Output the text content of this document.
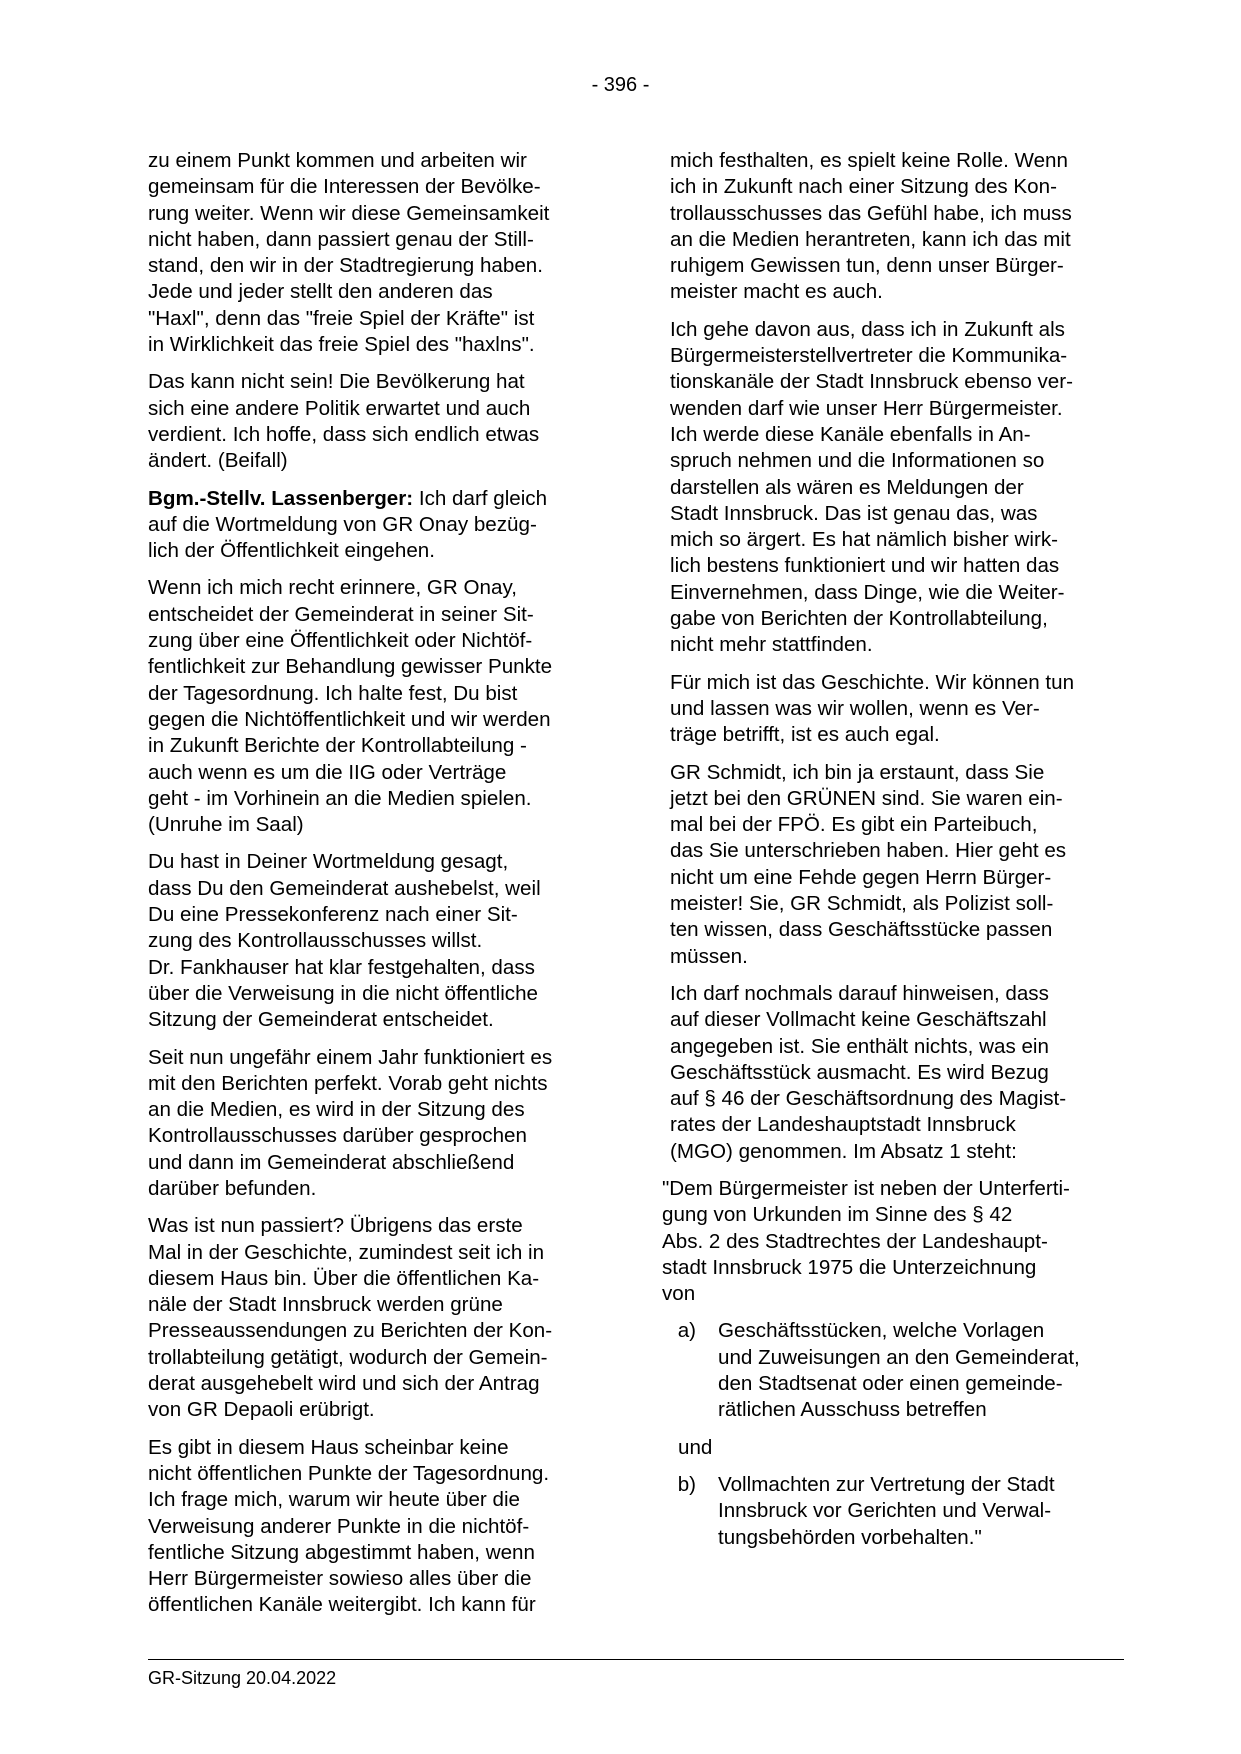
- 396 -

zu einem Punkt kommen und arbeiten wir
gemeinsam für die Interessen der Bevölke-
rung weiter. Wenn wir diese Gemeinsamkeit
nicht haben, dann passiert genau der Still-
stand, den wir in der Stadtregierung haben.
Jede und jeder stellt den anderen das
"Haxl", denn das "freie Spiel der Kräfte" ist
in Wirklichkeit das freie Spiel des "haxlns".

Das kann nicht sein! Die Bevölkerung hat
sich eine andere Politik erwartet und auch
verdient. Ich hoffe, dass sich endlich etwas
ändert. (Beifall)

Bgm.-Stellv. Lassenberger: Ich darf gleich
auf die Wortmeldung von GR Onay bezüg-
lich der Öffentlichkeit eingehen.

Wenn ich mich recht erinnere, GR Onay,
entscheidet der Gemeinderat in seiner Sit-
zung über eine Öffentlichkeit oder Nichtöf-
fentlichkeit zur Behandlung gewisser Punkte
der Tagesordnung. Ich halte fest, Du bist
gegen die Nichtöffentlichkeit und wir werden
in Zukunft Berichte der Kontrollabteilung -
auch wenn es um die IIG oder Verträge
geht - im Vorhinein an die Medien spielen.
(Unruhe im Saal)

Du hast in Deiner Wortmeldung gesagt,
dass Du den Gemeinderat aushebelst, weil
Du eine Pressekonferenz nach einer Sit-
zung des Kontrollausschusses willst.
Dr. Fankhauser hat klar festgehalten, dass
über die Verweisung in die nicht öffentliche
Sitzung der Gemeinderat entscheidet.

Seit nun ungefähr einem Jahr funktioniert es
mit den Berichten perfekt. Vorab geht nichts
an die Medien, es wird in der Sitzung des
Kontrollausschusses darüber gesprochen
und dann im Gemeinderat abschließend
darüber befunden.

Was ist nun passiert? Übrigens das erste
Mal in der Geschichte, zumindest seit ich in
diesem Haus bin. Über die öffentlichen Ka-
näle der Stadt Innsbruck werden grüne
Presseaussendungen zu Berichten der Kon-
trollabteilung getätigt, wodurch der Gemein-
derat ausgehebelt wird und sich der Antrag
von GR Depaoli erübrigt.

Es gibt in diesem Haus scheinbar keine
nicht öffentlichen Punkte der Tagesordnung.
Ich frage mich, warum wir heute über die
Verweisung anderer Punkte in die nichtöf-
fentliche Sitzung abgestimmt haben, wenn
Herr Bürgermeister sowieso alles über die
öffentlichen Kanäle weitergibt. Ich kann für

mich festhalten, es spielt keine Rolle. Wenn
ich in Zukunft nach einer Sitzung des Kon-
trollausschusses das Gefühl habe, ich muss
an die Medien herantreten, kann ich das mit
ruhigem Gewissen tun, denn unser Bürger-
meister macht es auch.

Ich gehe davon aus, dass ich in Zukunft als
Bürgermeisterstellvertreter die Kommunika-
tionskanäle der Stadt Innsbruck ebenso ver-
wenden darf wie unser Herr Bürgermeister.
Ich werde diese Kanäle ebenfalls in An-
spruch nehmen und die Informationen so
darstellen als wären es Meldungen der
Stadt Innsbruck. Das ist genau das, was
mich so ärgert. Es hat nämlich bisher wirk-
lich bestens funktioniert und wir hatten das
Einvernehmen, dass Dinge, wie die Weiter-
gabe von Berichten der Kontrollabteilung,
nicht mehr stattfinden.

Für mich ist das Geschichte. Wir können tun
und lassen was wir wollen, wenn es Ver-
träge betrifft, ist es auch egal.

GR Schmidt, ich bin ja erstaunt, dass Sie
jetzt bei den GRÜNEN sind. Sie waren ein-
mal bei der FPÖ. Es gibt ein Parteibuch,
das Sie unterschrieben haben. Hier geht es
nicht um eine Fehde gegen Herrn Bürger-
meister! Sie, GR Schmidt, als Polizist soll-
ten wissen, dass Geschäftsstücke passen
müssen.

Ich darf nochmals darauf hinweisen, dass
auf dieser Vollmacht keine Geschäftszahl
angegeben ist. Sie enthält nichts, was ein
Geschäftsstück ausmacht. Es wird Bezug
auf § 46 der Geschäftsordnung des Magist-
rates der Landeshauptstadt Innsbruck
(MGO) genommen. Im Absatz 1 steht:

"Dem Bürgermeister ist neben der Unterferti-
gung von Urkunden im Sinne des § 42
Abs. 2 des Stadtrechtes der Landeshaupt-
stadt Innsbruck 1975 die Unterzeichnung
von

a)	Geschäftsstücken, welche Vorlagen
und Zuweisungen an den Gemeinderat,
den Stadtsenat oder einen gemeinde-
rätlichen Ausschuss betreffen
und
b)	Vollmachten zur Vertretung der Stadt
Innsbruck vor Gerichten und Verwal-
tungsbehörden vorbehalten."
GR-Sitzung 20.04.2022
